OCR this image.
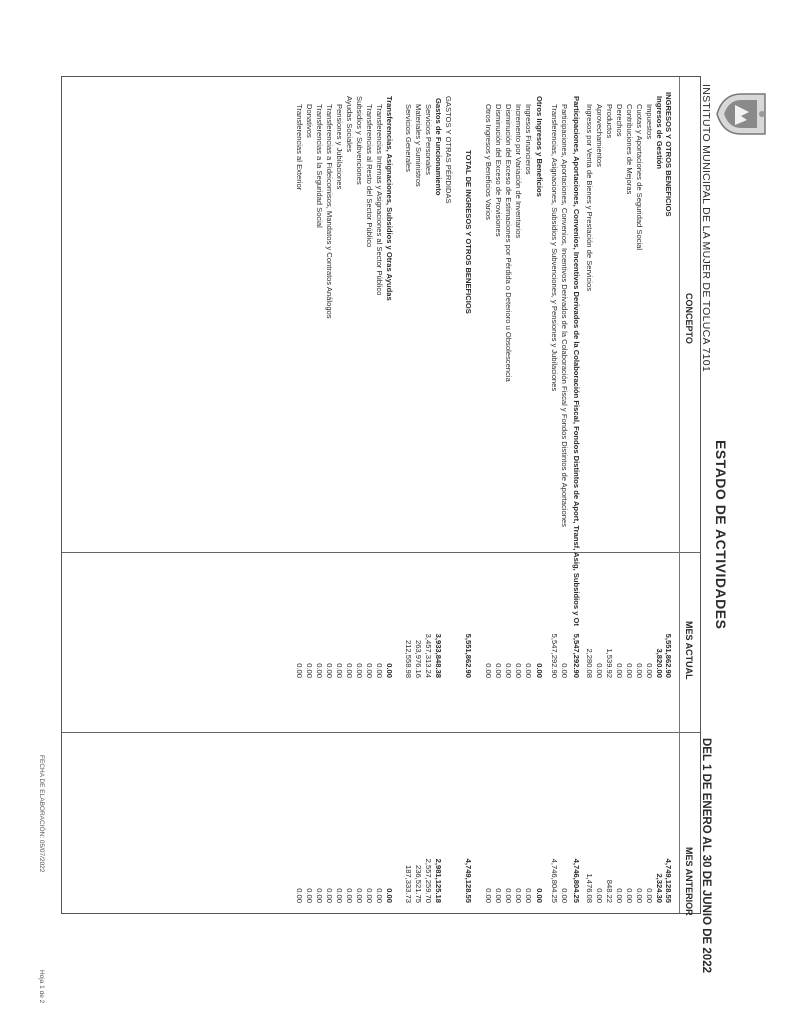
INSTITUTO MUNICIPAL DE LA MUJER DE TOLUCA 7101
ESTADO DE ACTIVIDADES
DEL 1 DE ENERO AL 30 DE JUNIO DE 2022
CONCEPTO
MES ACTUAL
MES ANTERIOR
INGRESOS Y OTROS BENEFICIOS
5,551,862.90
4,749,128.55
Ingresos de Gestión
3,820.00
2,324.30
Impuestos
0.00
0.00
Cuotas y Aportaciones de Seguridad Social
0.00
0.00
Contribuciones de Mejoras
0.00
0.00
Derechos
0.00
0.00
Productos
1,539.92
848.22
Aprovechamientos
0.00
0.00
Ingresos por Venta de Bienes y Prestación de Servicios
2,280.08
1,476.08
Participaciones, Aportaciones, Convenios, Incentivos Derivados de la Colaboración Fiscal, Fondos Distintos de Aport, Transf, Asig, Subsidios y Ot
5,547,292.90
4,746,804.25
Participaciones, Aportaciones, Convenios, Incentivos Derivados de la Colaboración Fiscal y Fondos Distintos de Aportaciones
0.00
0.00
Transferencias, Asignaciones, Subsidios y Subvenciones, y Pensiones y Jubilaciones
5,547,292.90
4,746,804.25
Otros Ingresos y Beneficios
0.00
0.00
Ingresos Financieros
0.00
0.00
Incremento por Variación de Inventarios
0.00
0.00
Disminución del Exceso de Estimaciones por Pérdida o Deterioro u Obsolescencia
0.00
0.00
Disminución del Exceso de Provisiones
0.00
0.00
Otros Ingresos y Beneficios Varios
0.00
0.00
TOTAL DE INGRESOS Y OTROS BENEFICIOS
5,551,862.90
4,749,128.55
GASTOS Y OTRAS PÉRDIDAS
Gastos de Funcionamiento
3,933,848.38
2,981,125.18
Servicios Personales
3,457,313.24
2,557,259.70
Materiales y Suministros
263,976.16
236,521.75
Servicios Generales
212,558.98
187,333.73
Transferencias, Asignaciones, Subsidios y Otras Ayudas
0.00
0.00
Transferencias Internas y Asignaciones al Sector Público
0.00
0.00
Transferencias al Resto del Sector Público
0.00
0.00
Subsidios y Subvenciones
0.00
0.00
Ayudas Sociales
0.00
0.00
Pensiones y Jubilaciones
0.00
0.00
Transferencias a Fideicomisos, Mandatos y Contratos Análogos
0.00
0.00
Transferencias a la Seguridad Social
0.00
0.00
Donativos
0.00
0.00
Transferencias al Exterior
0.00
0.00
FECHA DE ELABORACIÓN: 05/07/2022
Hoja 1 de 2
